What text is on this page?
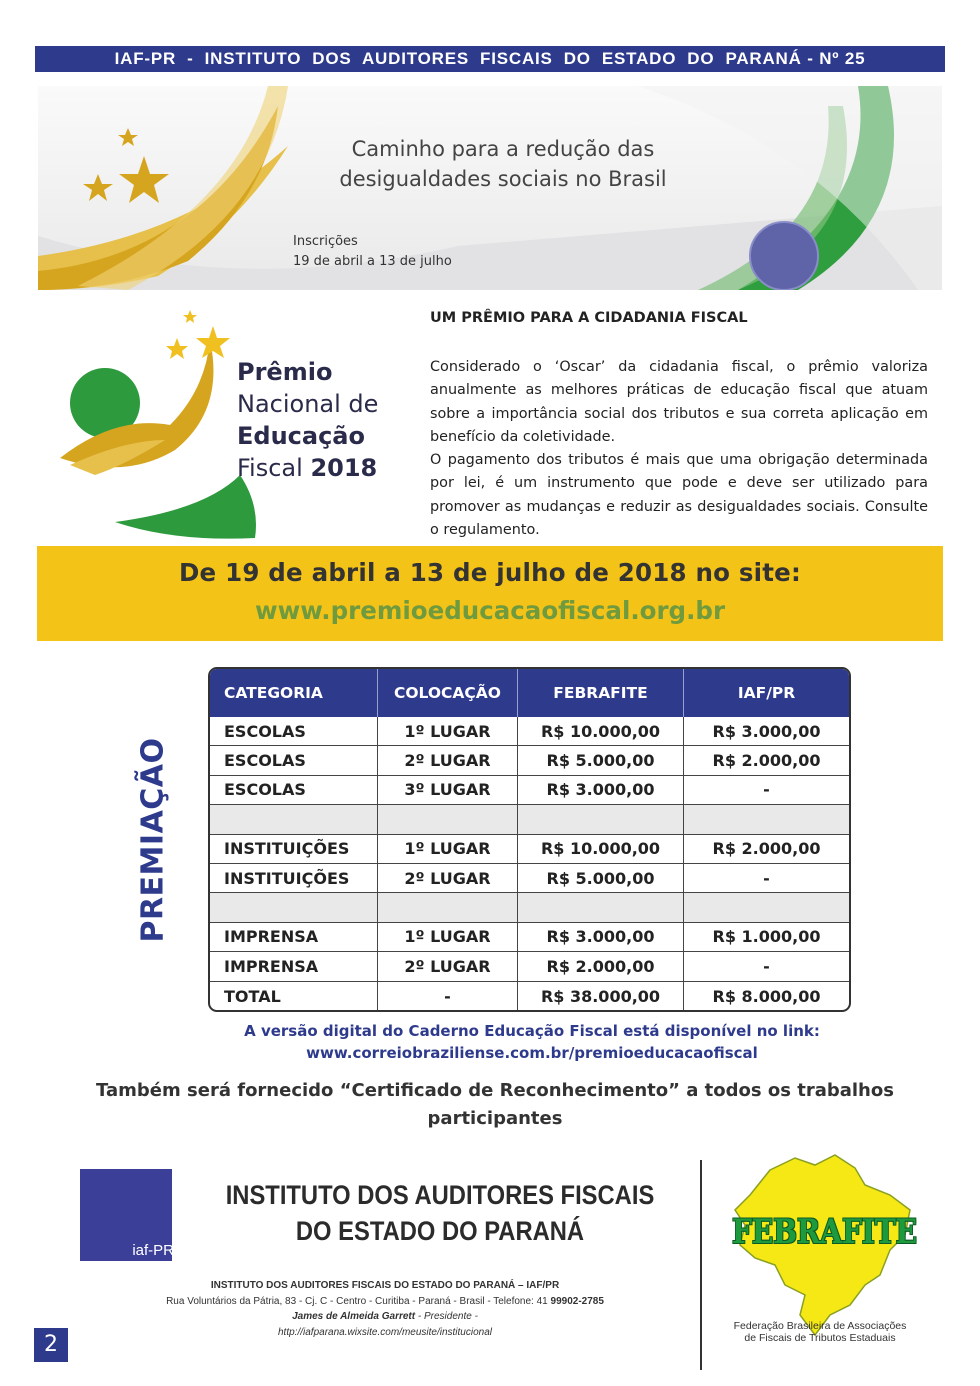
IAF-PR  -  INSTITUTO  DOS  AUDITORES  FISCAIS  DO  ESTADO  DO  PARANÁ - Nº 25
Caminho para a redução das
desigualdades sociais no Brasil
Inscrições
19 de abril a 13 de julho
Prêmio
Nacional de
Educação
Fiscal 2018
UM PRÊMIO PARA A CIDADANIA FISCAL

Considerado o ‘Oscar’ da cidadania fiscal, o prêmio valoriza anualmente as melhores práticas de educação fiscal que atuam sobre a importância social dos tributos e sua correta aplicação em benefício da coletividade.

O pagamento dos tributos é mais que uma obrigação determinada por lei, é um instrumento que pode e deve ser utilizado para promover as mudanças e reduzir as desigualdades sociais. Consulte o regulamento.

De 19 de abril a 13 de julho de 2018 no site:
www.premioeducacaofiscal.org.br
PREMIAÇÃO
CATEGORIA	COLOCAÇÃO	FEBRAFITE	IAF/PR
ESCOLAS	1º LUGAR	R$ 10.000,00	R$ 3.000,00
ESCOLAS	2º LUGAR	R$ 5.000,00	R$ 2.000,00
ESCOLAS	3º LUGAR	R$ 3.000,00	-
INSTITUIÇÕES	1º LUGAR	R$ 10.000,00	R$ 2.000,00
INSTITUIÇÕES	2º LUGAR	R$ 5.000,00	-
IMPRENSA	1º LUGAR	R$ 3.000,00	R$ 1.000,00
IMPRENSA	2º LUGAR	R$ 2.000,00	-
TOTAL	-	R$ 38.000,00	R$ 8.000,00
A versão digital do Caderno Educação Fiscal está disponível no link:
www.correiobraziliense.com.br/premioeducacaofiscal
Também será fornecido “Certificado de Reconhecimento” a todos os trabalhos participantes
iaf-PR
INSTITUTO DOS AUDITORES FISCAIS
DO ESTADO DO PARANÁ
INSTITUTO DOS AUDITORES FISCAIS DO ESTADO DO PARANÁ – IAF/PR
Rua Voluntários da Pátria, 83 - Cj. C - Centro - Curitiba - Paraná - Brasil - Telefone: 41 99902-2785
James de Almeida Garrett - Presidente -
http://iafparana.wixsite.com/meusite/institucional
FEBRAFITE
Federação Brasileira de Associações
de Fiscais de Tributos Estaduais
2
